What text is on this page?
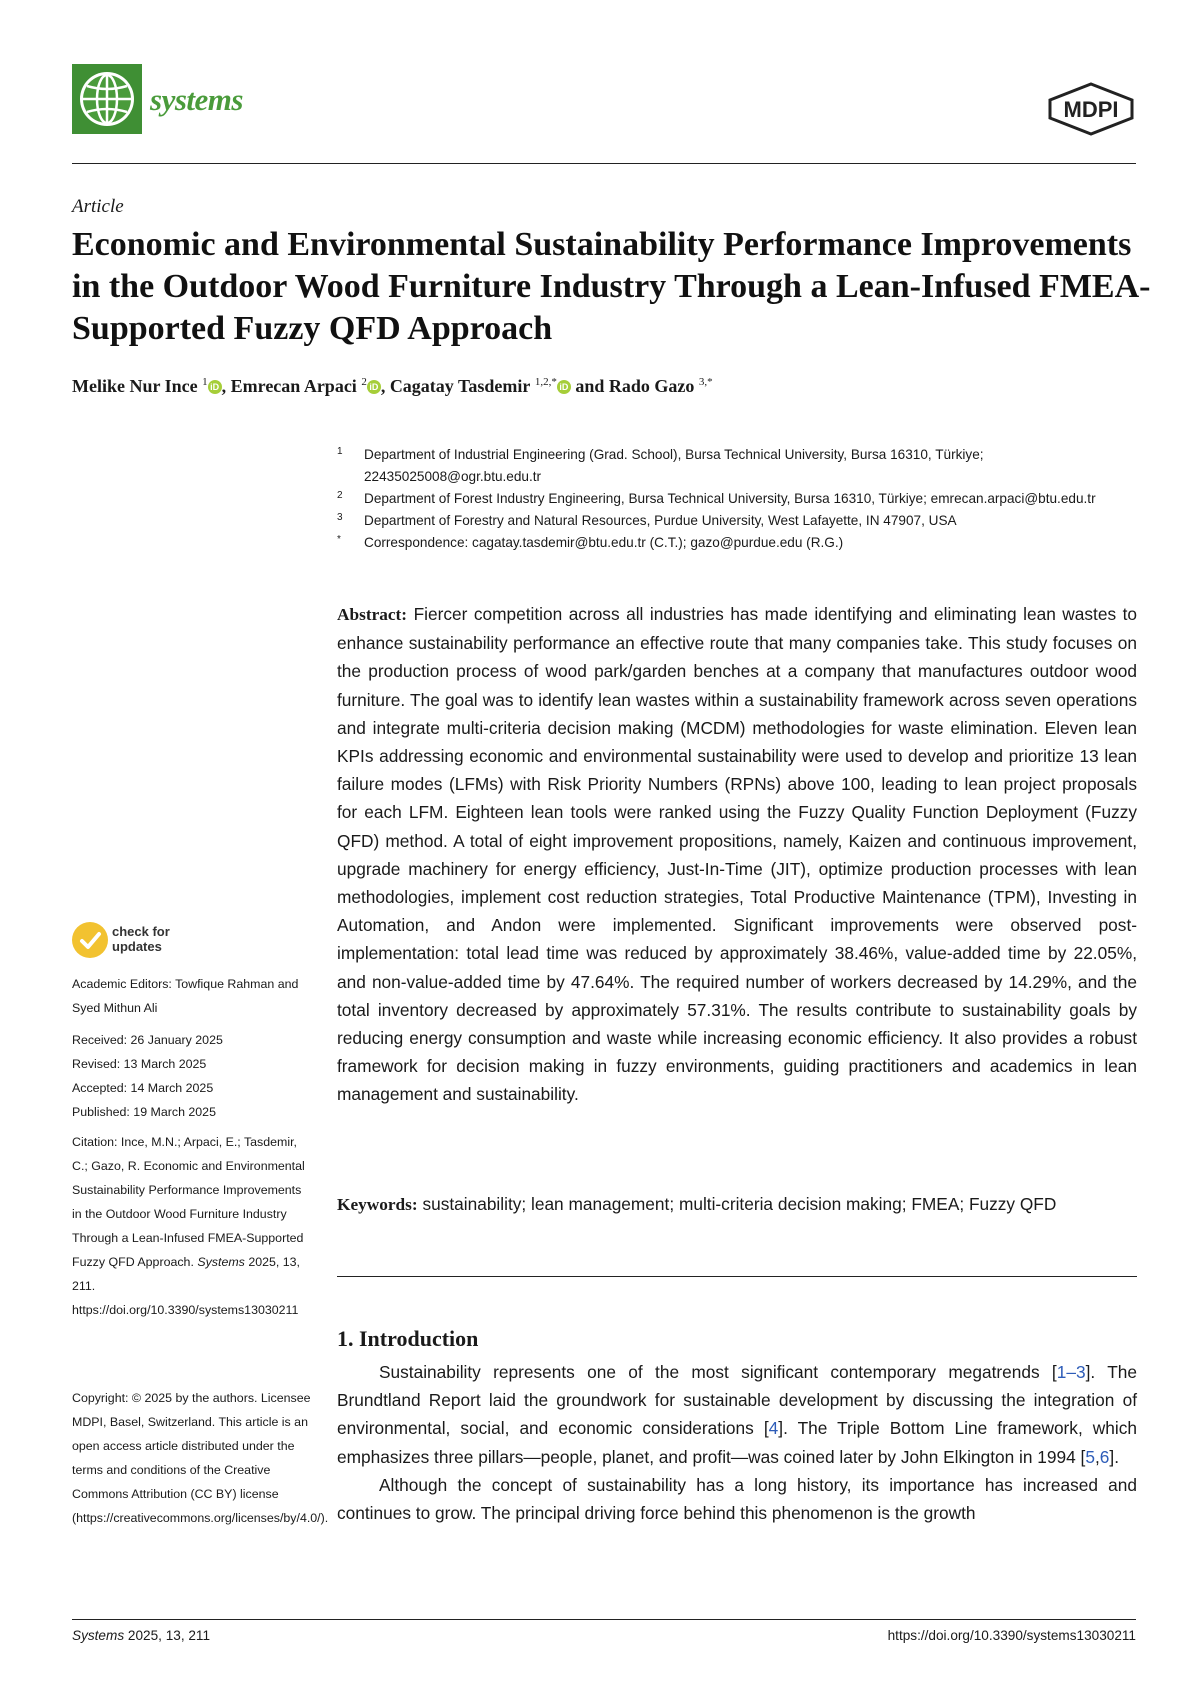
systems	MDPI
Article
Economic and Environmental Sustainability Performance Improvements in the Outdoor Wood Furniture Industry Through a Lean-Infused FMEA-Supported Fuzzy QFD Approach
Melike Nur Ince $^1$ iD , Emrecan Arpaci $^2$ iD , Cagatay Tasdemir $^{1,2,*}$ iD and Rado Gazo $^{3,*}$
1 Department of Industrial Engineering (Grad. School), Bursa Technical University, Bursa 16310, Türkiye; 22435025008@ogr.btu.edu.tr
2 Department of Forest Industry Engineering, Bursa Technical University, Bursa 16310, Türkiye; emrecan.arpaci@btu.edu.tr
3 Department of Forestry and Natural Resources, Purdue University, West Lafayette, IN 47907, USA
* Correspondence: cagatay.tasdemir@btu.edu.tr (C.T.); gazo@purdue.edu (R.G.)
Abstract: Fiercer competition across all industries has made identifying and eliminating lean wastes to enhance sustainability performance an effective route that many companies take. This study focuses on the production process of wood park/garden benches at a company that manufactures outdoor wood furniture. The goal was to identify lean wastes within a sustainability framework across seven operations and integrate multi-criteria decision making (MCDM) methodologies for waste elimination. Eleven lean KPIs addressing economic and environmental sustainability were used to develop and prioritize 13 lean failure modes (LFMs) with Risk Priority Numbers (RPNs) above 100, leading to lean project proposals for each LFM. Eighteen lean tools were ranked using the Fuzzy Quality Function Deployment (Fuzzy QFD) method. A total of eight improvement propositions, namely, Kaizen and continuous improvement, upgrade machinery for energy efficiency, Just-In-Time (JIT), optimize production processes with lean methodologies, implement cost reduction strategies, Total Productive Maintenance (TPM), Investing in Automation, and Andon were implemented. Significant improvements were observed post-implementation: total lead time was reduced by approximately 38.46%, value-added time by 22.05%, and non-value-added time by 47.64%. The required number of workers decreased by 14.29%, and the total inventory decreased by approximately 57.31%. The results contribute to sustainability goals by reducing energy consumption and waste while increasing economic efficiency. It also provides a robust framework for decision making in fuzzy environments, guiding practitioners and academics in lean management and sustainability.
Keywords: sustainability; lean management; multi-criteria decision making; FMEA; Fuzzy QFD
1. Introduction

Sustainability represents one of the most significant contemporary megatrends [1–3]. The Brundtland Report laid the groundwork for sustainable development by discussing the integration of environmental, social, and economic considerations [4]. The Triple Bottom Line framework, which emphasizes three pillars—people, planet, and profit—was coined later by John Elkington in 1994 [5,6].

Although the concept of sustainability has a long history, its importance has increased and continues to grow. The principal driving force behind this phenomenon is the growth

check for
updates
Academic Editors: Towfique Rahman and Syed Mithun Ali
Received: 26 January 2025
Revised: 13 March 2025
Accepted: 14 March 2025
Published: 19 March 2025
Citation: Ince, M.N.; Arpaci, E.; Tasdemir, C.; Gazo, R. Economic and Environmental Sustainability Performance Improvements in the Outdoor Wood Furniture Industry Through a Lean-Infused FMEA-Supported Fuzzy QFD Approach. Systems 2025, 13, 211. https://doi.org/10.3390/systems13030211
Copyright: © 2025 by the authors. Licensee MDPI, Basel, Switzerland. This article is an open access article distributed under the terms and conditions of the Creative Commons Attribution (CC BY) license (https://creativecommons.org/licenses/by/4.0/).
Systems 2025, 13, 211	https://doi.org/10.3390/systems13030211
